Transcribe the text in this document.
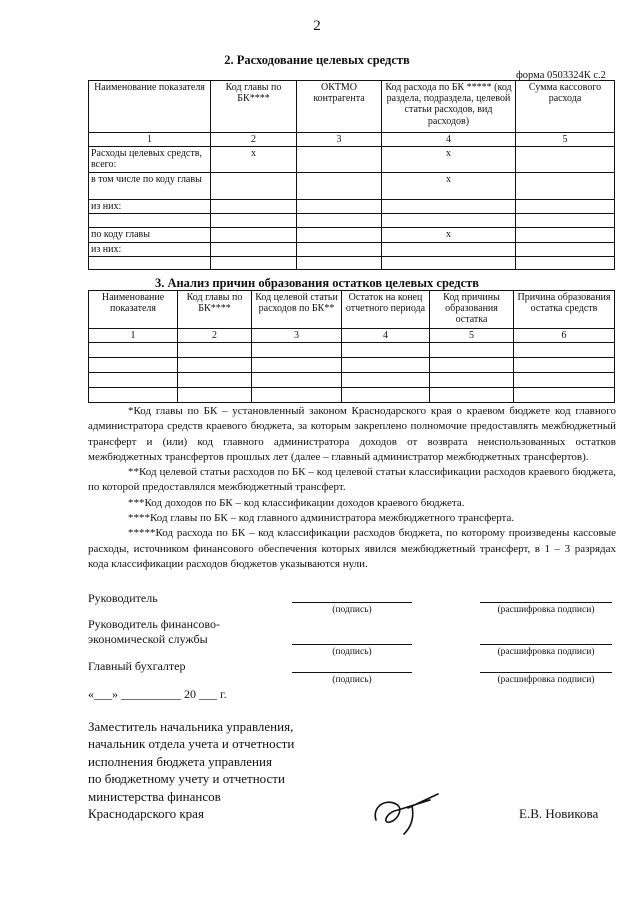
2
2. Расходование целевых средств
форма 0503324К с.2
Наименование показателя	Код главы по БК****	ОКТМО контрагента	Код расхода по БК ***** (код раздела, подраздела, целевой статьи расходов, вид расходов)	Сумма кассового расхода
1	2	3	4	5
Расходы целевых средств, всего:	x		x	
в том числе по коду главы			x	
из них:				

по коду главы			x	
из них:				

3. Анализ причин образования остатков целевых средств
Наименование показателя	Код главы по БК****	Код целевой статьи расходов по БК**	Остаток на конец отчетного периода	Код причины образования остатка	Причина образования остатка средств
1	2	3	4	5	6

*Код главы по БК – установленный законом Краснодарского края о краевом бюджете код главного администратора средств краевого бюджета, за которым закреплено полномочие предоставлять межбюджетный трансферт и (или) код главного администратора доходов от возврата неиспользованных остатков межбюджетных трансфертов прошлых лет (далее – главный администратор межбюджетных трансфертов).

**Код целевой статьи расходов по БК – код целевой статьи классификации расходов краевого бюджета, по которой предоставлялся межбюджетный трансферт.

***Код доходов по БК – код классификации доходов краевого бюджета.

****Код главы по БК – код главного администратора межбюджетного трансферта.

*****Код расхода по БК – код классификации расходов бюджета, по которому произведены кассовые расходы, источником финансового обеспечения которых явился межбюджетный трансферт, в 1 – 3 разрядах кода классификации расходов бюджетов указываются нули.

Руководитель
(подпись)	(расшифровка подписи)
Руководитель финансово-экономической службы
(подпись)	(расшифровка подписи)
Главный бухгалтер
(подпись)	(расшифровка подписи)
«___» __________ 20 ___ г.
Заместитель начальника управления,
начальник отдела учета и отчетности
исполнения бюджета управления
по бюджетному учету и отчетности
министерства финансов
Краснодарского края	Е.В. Новикова
